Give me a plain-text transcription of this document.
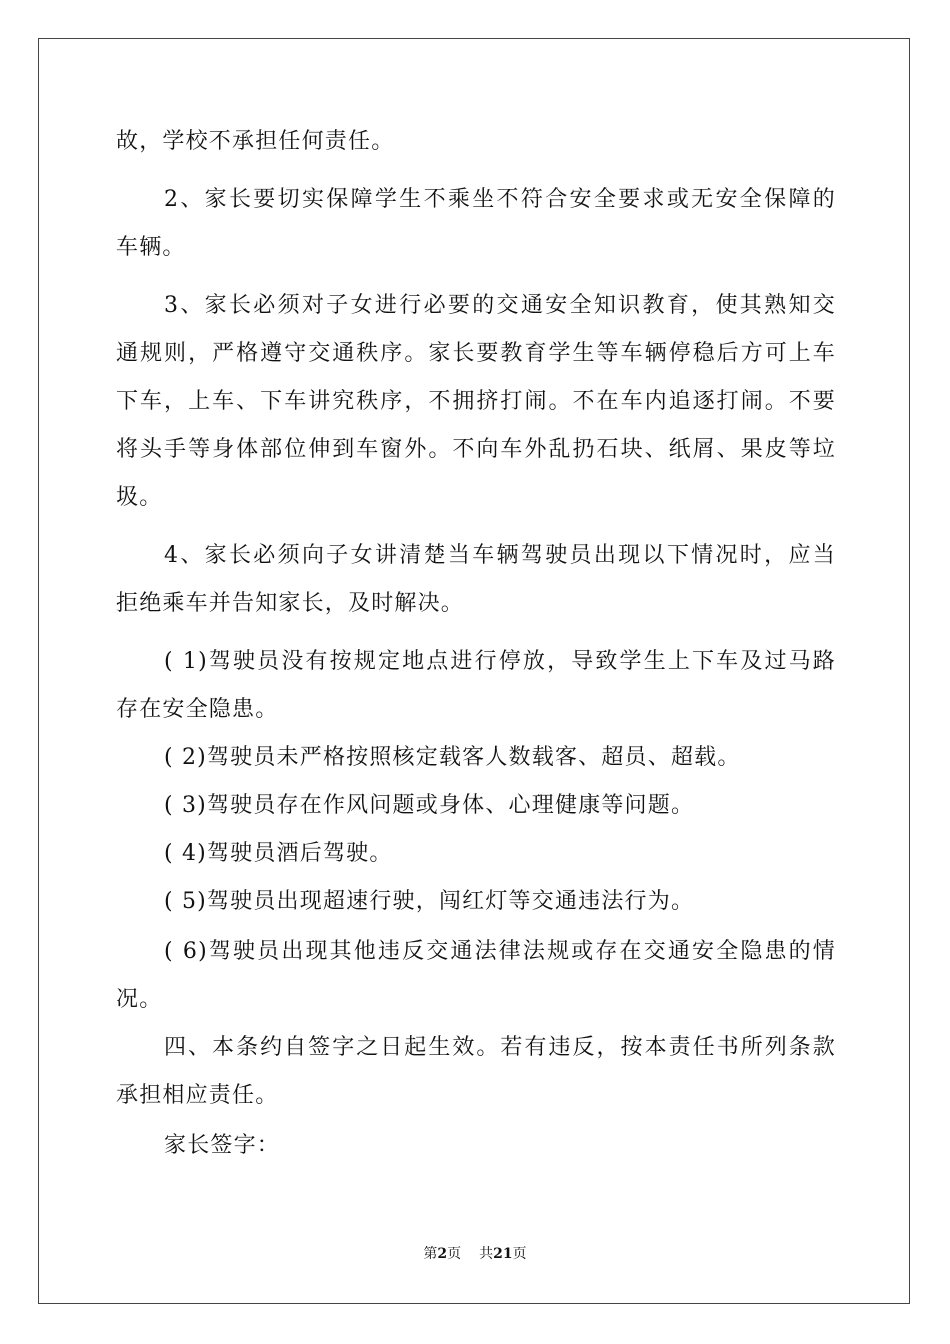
故，学校不承担任何责任。
2、家长要切实保障学生不乘坐不符合安全要求或无安全保障的
车辆。
3、家长必须对子女进行必要的交通安全知识教育，使其熟知交
通规则，严格遵守交通秩序。家长要教育学生等车辆停稳后方可上车
下车，上车、下车讲究秩序，不拥挤打闹。不在车内追逐打闹。不要
将头手等身体部位伸到车窗外。不向车外乱扔石块、纸屑、果皮等垃
圾。
4、家长必须向子女讲清楚当车辆驾驶员出现以下情况时，应当
拒绝乘车并告知家长，及时解决。
( 1)驾驶员没有按规定地点进行停放，导致学生上下车及过马路
存在安全隐患。
( 2)驾驶员未严格按照核定载客人数载客、超员、超载。
( 3)驾驶员存在作风问题或身体、心理健康等问题。
( 4)驾驶员酒后驾驶。
( 5)驾驶员出现超速行驶，闯红灯等交通违法行为。
( 6)驾驶员出现其他违反交通法律法规或存在交通安全隐患的情
况。
四、本条约自签字之日起生效。若有违反，按本责任书所列条款
承担相应责任。
家长签字：
第2页 共21页
